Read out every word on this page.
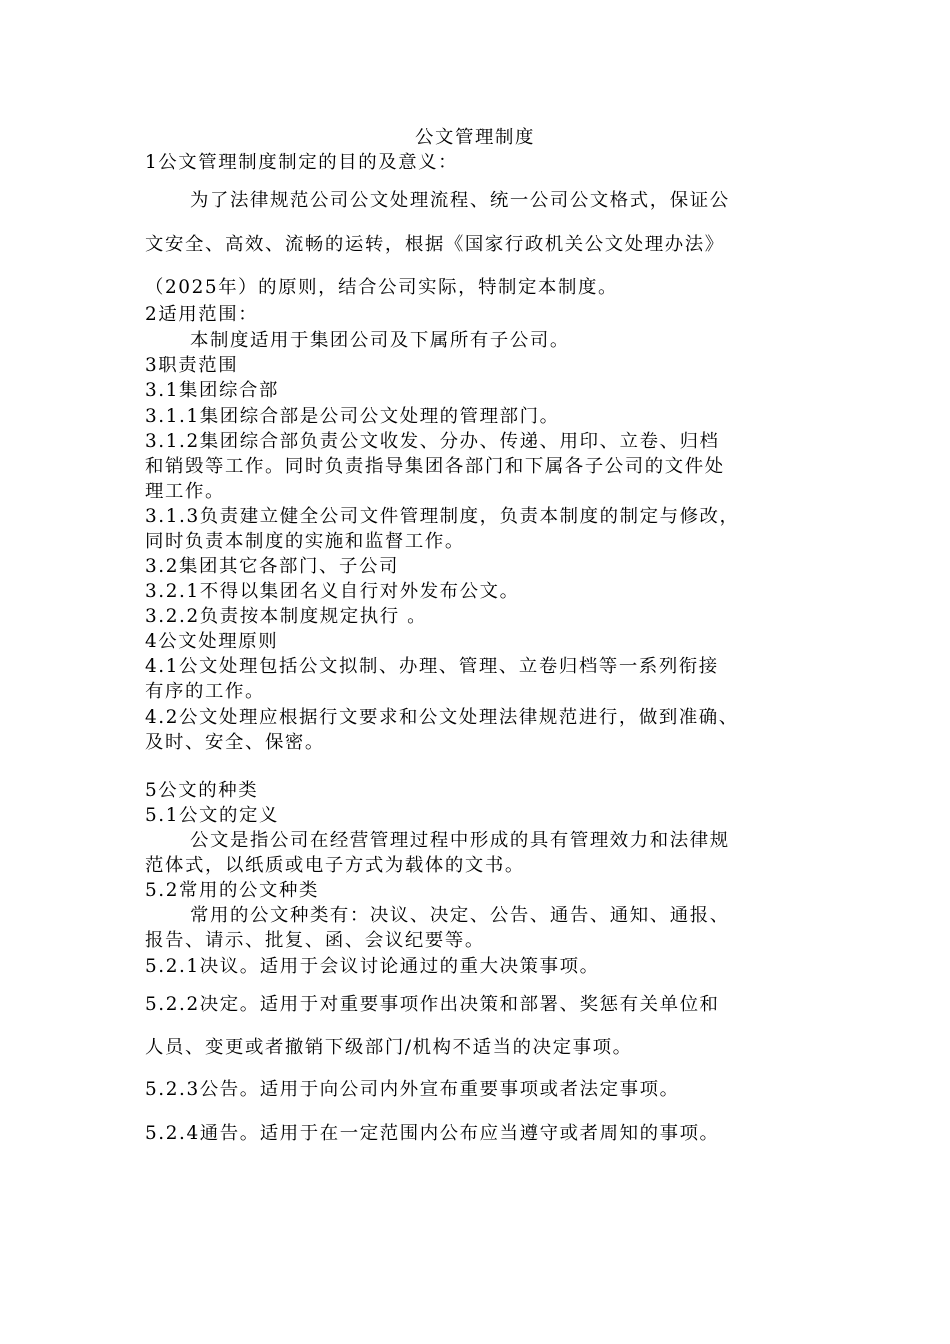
公文管理制度

1公文管理制度制定的目的及意义：

为了法律规范公司公文处理流程、统一公司公文格式，保证公

文安全、高效、流畅的运转，根据《国家行政机关公文处理办法》

（2025年）的原则，结合公司实际，特制定本制度。

2适用范围：

本制度适用于集团公司及下属所有子公司。

3职责范围

3.1集团综合部

3.1.1集团综合部是公司公文处理的管理部门。

3.1.2集团综合部负责公文收发、分办、传递、用印、立卷、归档

和销毁等工作。同时负责指导集团各部门和下属各子公司的文件处

理工作。

3.1.3负责建立健全公司文件管理制度，负责本制度的制定与修改，

同时负责本制度的实施和监督工作。

3.2集团其它各部门、子公司

3.2.1不得以集团名义自行对外发布公文。

3.2.2负责按本制度规定执行 。

4公文处理原则

4.1公文处理包括公文拟制、办理、管理、立卷归档等一系列衔接

有序的工作。

4.2公文处理应根据行文要求和公文处理法律规范进行，做到准确、

及时、安全、保密。

5公文的种类

5.1公文的定义

公文是指公司在经营管理过程中形成的具有管理效力和法律规

范体式，以纸质或电子方式为载体的文书。

5.2常用的公文种类

常用的公文种类有：决议、决定、公告、通告、通知、通报、

报告、请示、批复、函、会议纪要等。

5.2.1决议。适用于会议讨论通过的重大决策事项。

5.2.2决定。适用于对重要事项作出决策和部署、奖惩有关单位和

人员、变更或者撤销下级部门/机构不适当的决定事项。

5.2.3公告。适用于向公司内外宣布重要事项或者法定事项。

5.2.4通告。适用于在一定范围内公布应当遵守或者周知的事项。
